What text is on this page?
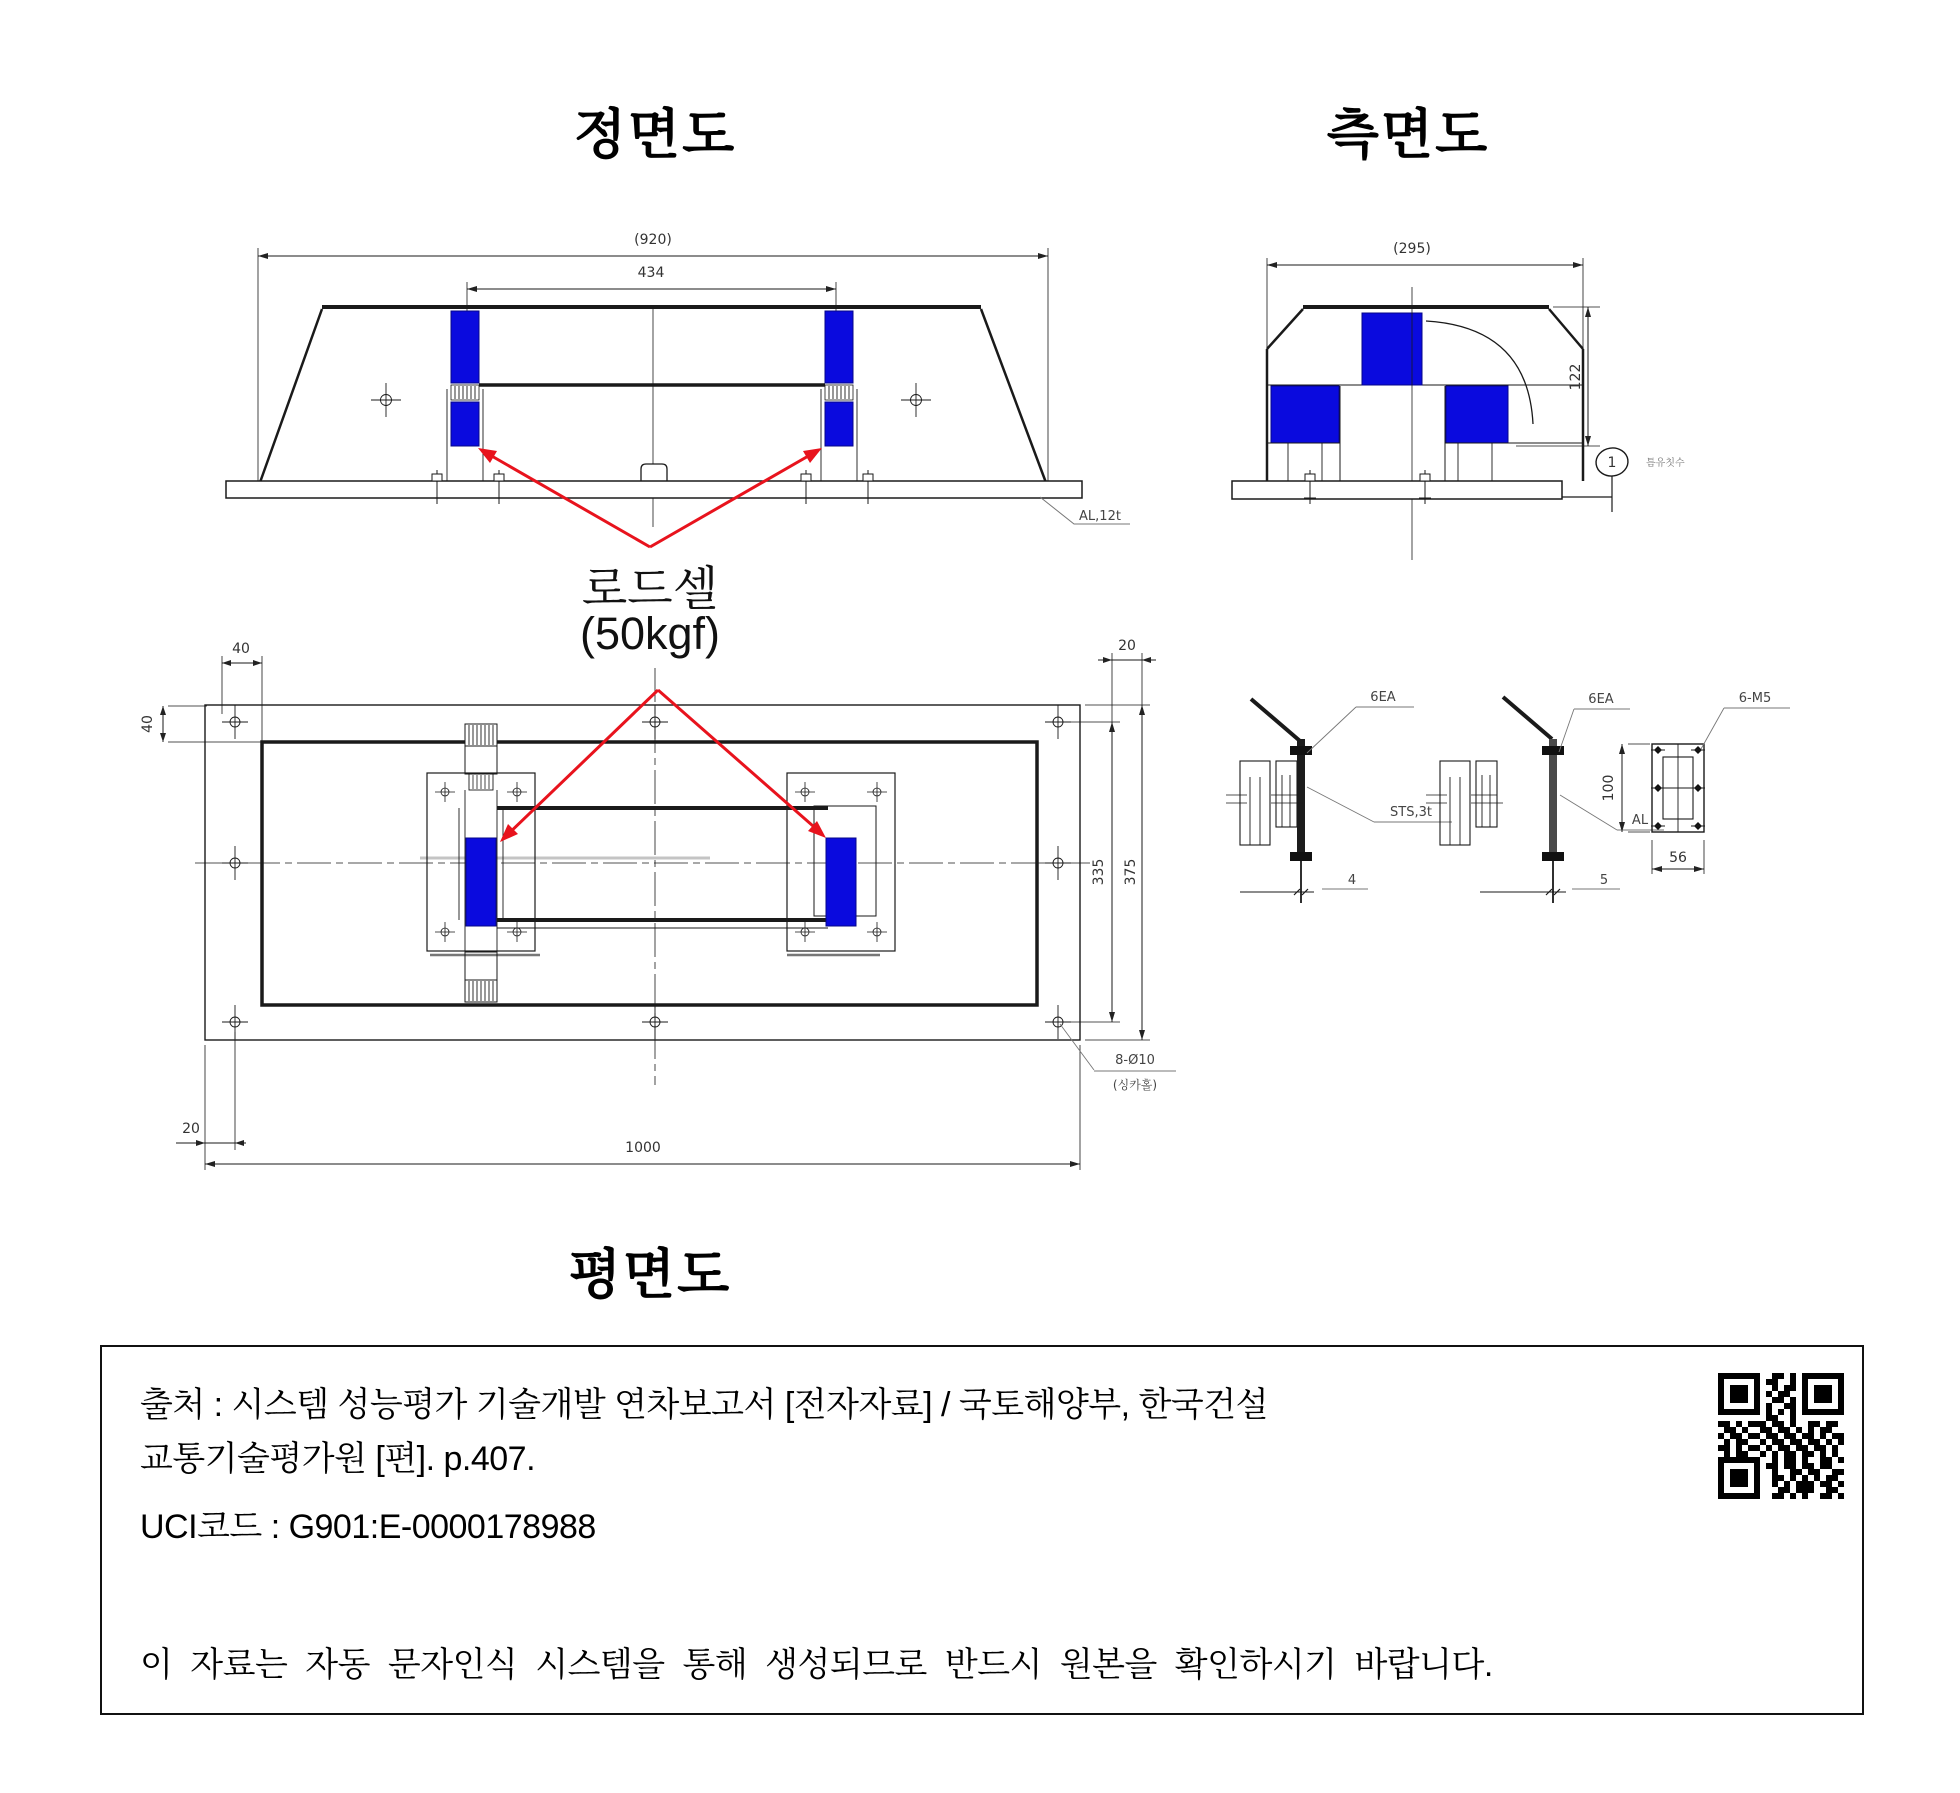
정면도	측면도
평면도
로드셀
(50kgf)
(920)
434
AL,12t
(295)
122
1	틈유칫수
40
40
20
335 375
20
1000
8-Ø10
(싱카홀)
6EA
STS,3t
4
6EA
AL
5
6-M5
100
56
출처 : 시스템 성능평가 기술개발 연차보고서 [전자자료] / 국토해양부, 한국건설
교통기술평가원 [편]. p.407.
UCI코드 : G901:E-0000178988
이 자료는 자동 문자인식 시스템을 통해 생성되므로 반드시 원본을 확인하시기 바랍니다.
